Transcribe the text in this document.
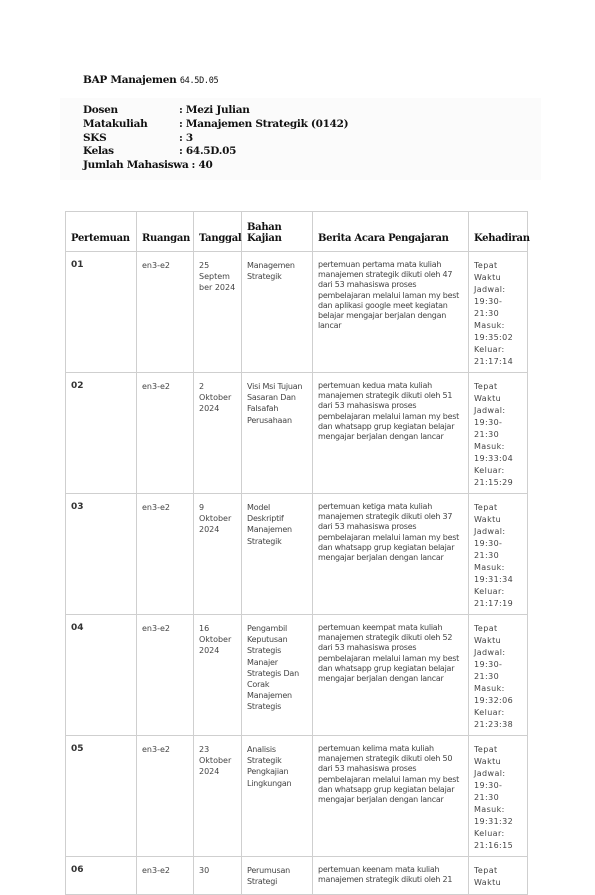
BAP Manajemen 64.5D.05
Dosen	: Mezi Julian
Matakuliah	: Manajemen Strategik (0142)
SKS	: 3
Kelas	: 64.5D.05
Jumlah Mahasiswa : 40
Pertemuan	Ruangan	Tanggal	Bahan Kajian	Berita Acara Pengajaran	Kehadiran
01	en3-e2	25 Septem ber 2024	Managemen Strategik	pertemuan pertama mata kuliah manajemen strategik dikuti oleh 47 dari 53 mahasiswa proses pembelajaran melalui laman my best dan aplikasi google meet kegiatan belajar mengajar berjalan dengan lancar	Tepat Waktu Jadwal: 19:30-21:30 Masuk: 19:35:02 Keluar: 21:17:14
02	en3-e2	2 Oktober 2024	Visi Msi Tujuan Sasaran Dan Falsafah Perusahaan	pertemuan kedua mata kuliah manajemen strategik dikuti oleh 51 dari 53 mahasiswa proses pembelajaran melalui laman my best dan whatsapp grup kegiatan belajar mengajar berjalan dengan lancar	Tepat Waktu Jadwal: 19:30-21:30 Masuk: 19:33:04 Keluar: 21:15:29
03	en3-e2	9 Oktober 2024	Model Deskriptif Manajemen Strategik	pertemuan ketiga mata kuliah manajemen strategik dikuti oleh 37 dari 53 mahasiswa proses pembelajaran melalui laman my best dan whatsapp grup kegiatan belajar mengajar berjalan dengan lancar	Tepat Waktu Jadwal: 19:30-21:30 Masuk: 19:31:34 Keluar: 21:17:19
04	en3-e2	16 Oktober 2024	Pengambil Keputusan Strategis Manajer Strategis Dan Corak Manajemen Strategis	pertemuan keempat mata kuliah manajemen strategik dikuti oleh 52 dari 53 mahasiswa proses pembelajaran melalui laman my best dan whatsapp grup kegiatan belajar mengajar berjalan dengan lancar	Tepat Waktu Jadwal: 19:30-21:30 Masuk: 19:32:06 Keluar: 21:23:38
05	en3-e2	23 Oktober 2024	Analisis Strategik Pengkajian Lingkungan	pertemuan kelima mata kuliah manajemen strategik dikuti oleh 50 dari 53 mahasiswa proses pembelajaran melalui laman my best dan whatsapp grup kegiatan belajar mengajar berjalan dengan lancar	Tepat Waktu Jadwal: 19:30-21:30 Masuk: 19:31:32 Keluar: 21:16:15
06	en3-e2	30	Perumusan Strategi	pertemuan keenam mata kuliah manajemen strategik dikuti oleh 21	Tepat Waktu
